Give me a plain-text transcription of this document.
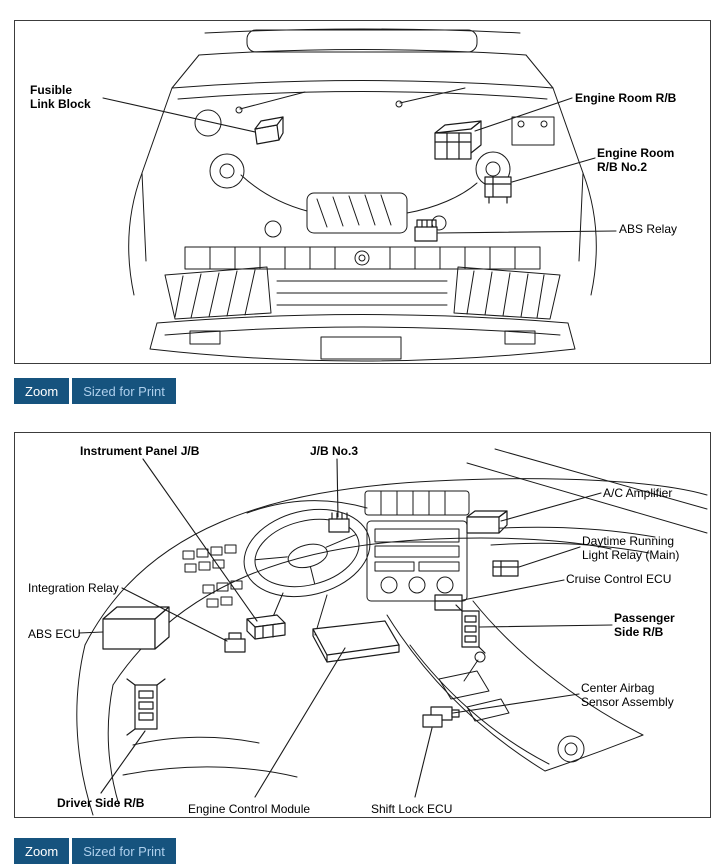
Fusible
Link Block	Engine Room R/B
Engine Room
R/B No.2
ABS Relay
Zoom	Sized for Print
Instrument Panel J/B	J/B No.3
A/C Amplifier
Daytime Running
Light Relay (Main)
Cruise Control ECU
Passenger
Side R/B
Center Airbag
Sensor Assembly
Integration Relay
ABS ECU
Driver Side R/B	Engine Control Module	Shift Lock ECU
Zoom	Sized for Print
